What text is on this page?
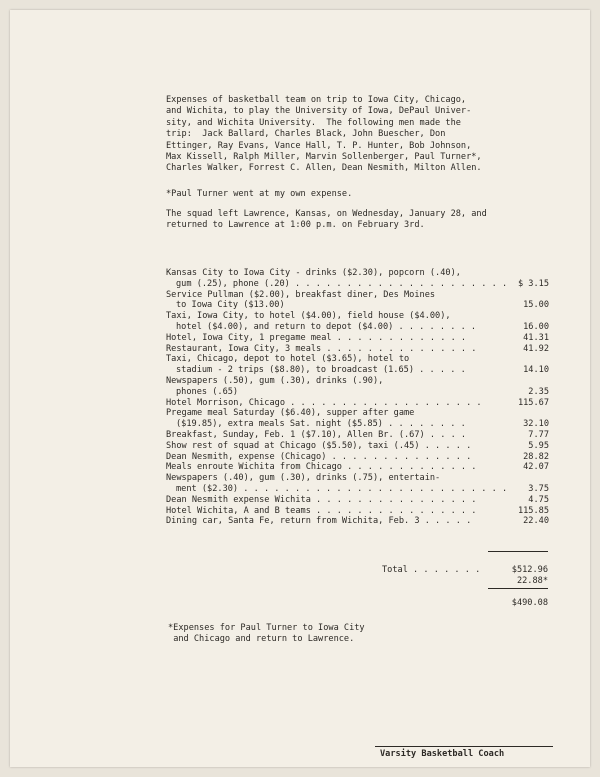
Expenses of basketball team on trip to Iowa City, Chicago,
and Wichita, to play the University of Iowa, DePaul Univer-
sity, and Wichita University.  The following men made the
trip:  Jack Ballard, Charles Black, John Buescher, Don
Ettinger, Ray Evans, Vance Hall, T. P. Hunter, Bob Johnson,
Max Kissell, Ralph Miller, Marvin Sollenberger, Paul Turner*,
Charles Walker, Forrest C. Allen, Dean Nesmith, Milton Allen.

*Paul Turner went at my own expense.

The squad left Lawrence, Kansas, on Wednesday, January 28, and
returned to Lawrence at 1:00 p.m. on February 3rd.

Kansas City to Iowa City - drinks ($2.30), popcorn (.40),
gum (.25), phone (.20) . . . . . . . . . . . . . . . . . . . . .	$ 3.15
Service Pullman ($2.00), breakfast diner, Des Moines
to Iowa City ($13.00)	15.00
Taxi, Iowa City, to hotel ($4.00), field house ($4.00),
hotel ($4.00), and return to depot ($4.00) . . . . . . . .	16.00
Hotel, Iowa City, 1 pregame meal . . . . . . . . . . . . .	41.31
Restaurant, Iowa City, 3 meals . . . . . . . . . . . . . . .	41.92
Taxi, Chicago, depot to hotel ($3.65), hotel to
stadium - 2 trips ($8.80), to broadcast (1.65) . . . . .	14.10
Newspapers (.50), gum (.30), drinks (.90),
phones (.65)	2.35
Hotel Morrison, Chicago . . . . . . . . . . . . . . . . . . .	115.67
Pregame meal Saturday ($6.40), supper after game
($19.85), extra meals Sat. night ($5.85) . . . . . . . .	32.10
Breakfast, Sunday, Feb. 1 ($7.10), Allen Br. (.67) . . . .	7.77
Show rest of squad at Chicago ($5.50), taxi (.45) . . . . .	5.95
Dean Nesmith, expense (Chicago) . . . . . . . . . . . . . .	28.82
Meals enroute Wichita from Chicago . . . . . . . . . . . . .	42.07
Newspapers (.40), gum (.30), drinks (.75), entertain-
ment ($2.30) . . . . . . . . . . . . . . . . . . . . . . . . . .	3.75
Dean Nesmith expense Wichita . . . . . . . . . . . . . . . .	4.75
Hotel Wichita, A and B teams . . . . . . . . . . . . . . . .	115.85
Dining car, Santa Fe, return from Wichita, Feb. 3 . . . . .	22.40
Total . . . . . . .	$512.96
22.88*
$490.08

*Expenses for Paul Turner to Iowa City
and Chicago and return to Lawrence.

Varsity Basketball Coach
